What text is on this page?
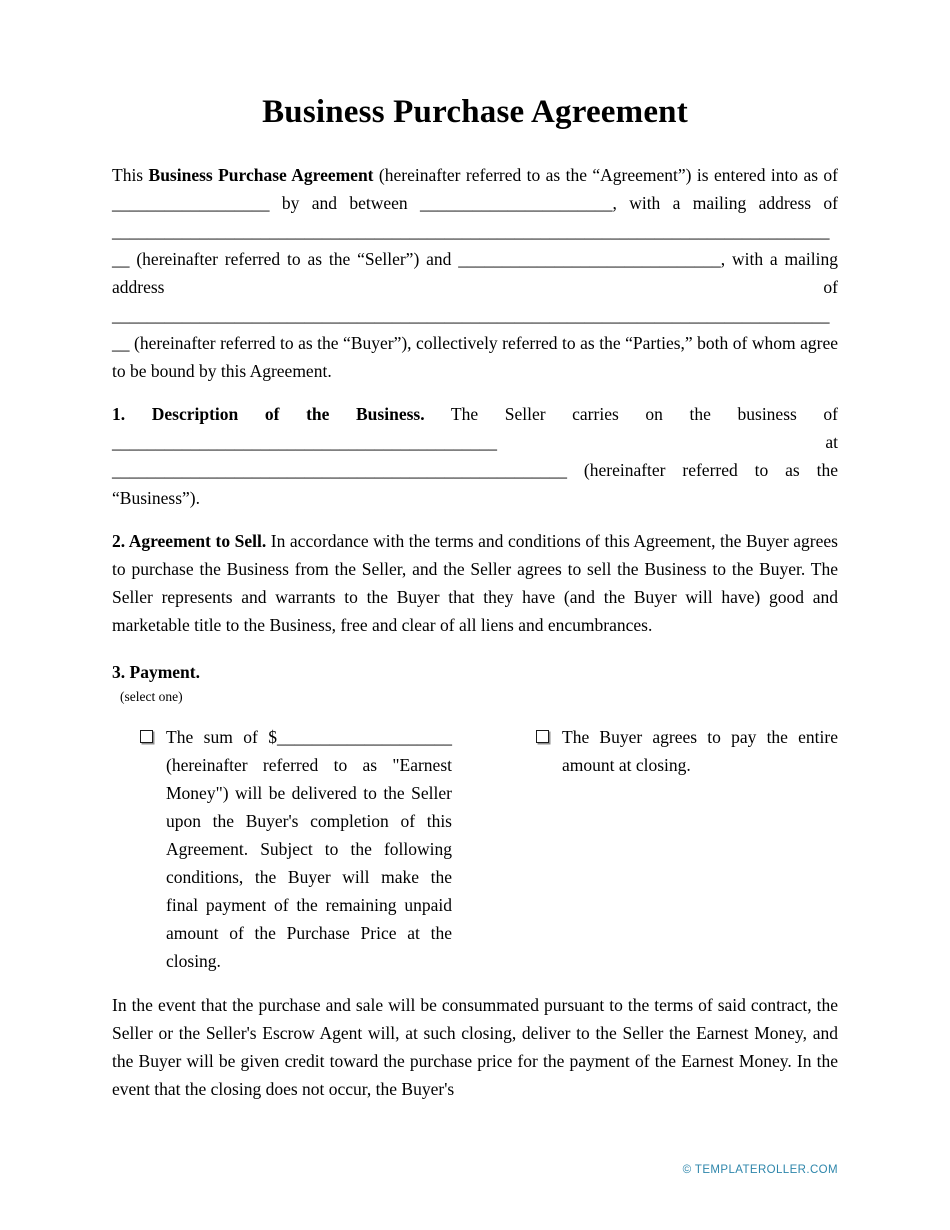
Business Purchase Agreement

This Business Purchase Agreement (hereinafter referred to as the “Agreement”) is entered into as of __________________ by and between ______________________, with a mailing address of ____________________________________________________________________________________ (hereinafter referred to as the “Seller”) and ______________________________, with a mailing address of ____________________________________________________________________________________ (hereinafter referred to as the “Buyer”), collectively referred to as the “Parties,” both of whom agree to be bound by this Agreement.

1. Description of the Business. The Seller carries on the business of ____________________________________________ at ____________________________________________________ (hereinafter referred to as the “Business”).

2. Agreement to Sell. In accordance with the terms and conditions of this Agreement, the Buyer agrees to purchase the Business from the Seller, and the Seller agrees to sell the Business to the Buyer. The Seller represents and warrants to the Buyer that they have (and the Buyer will have) good and marketable title to the Business, free and clear of all liens and encumbrances.

3. Payment.
(select one)
The sum of $____________________ (hereinafter referred to as "Earnest Money") will be delivered to the Seller upon the Buyer's completion of this Agreement. Subject to the following conditions, the Buyer will make the final payment of the remaining unpaid amount of the Purchase Price at the closing.
The Buyer agrees to pay the entire amount at closing.

In the event that the purchase and sale will be consummated pursuant to the terms of said contract, the Seller or the Seller's Escrow Agent will, at such closing, deliver to the Seller the Earnest Money, and the Buyer will be given credit toward the purchase price for the payment of the Earnest Money. In the event that the closing does not occur, the Buyer's

© TEMPLATEROLLER.COM
